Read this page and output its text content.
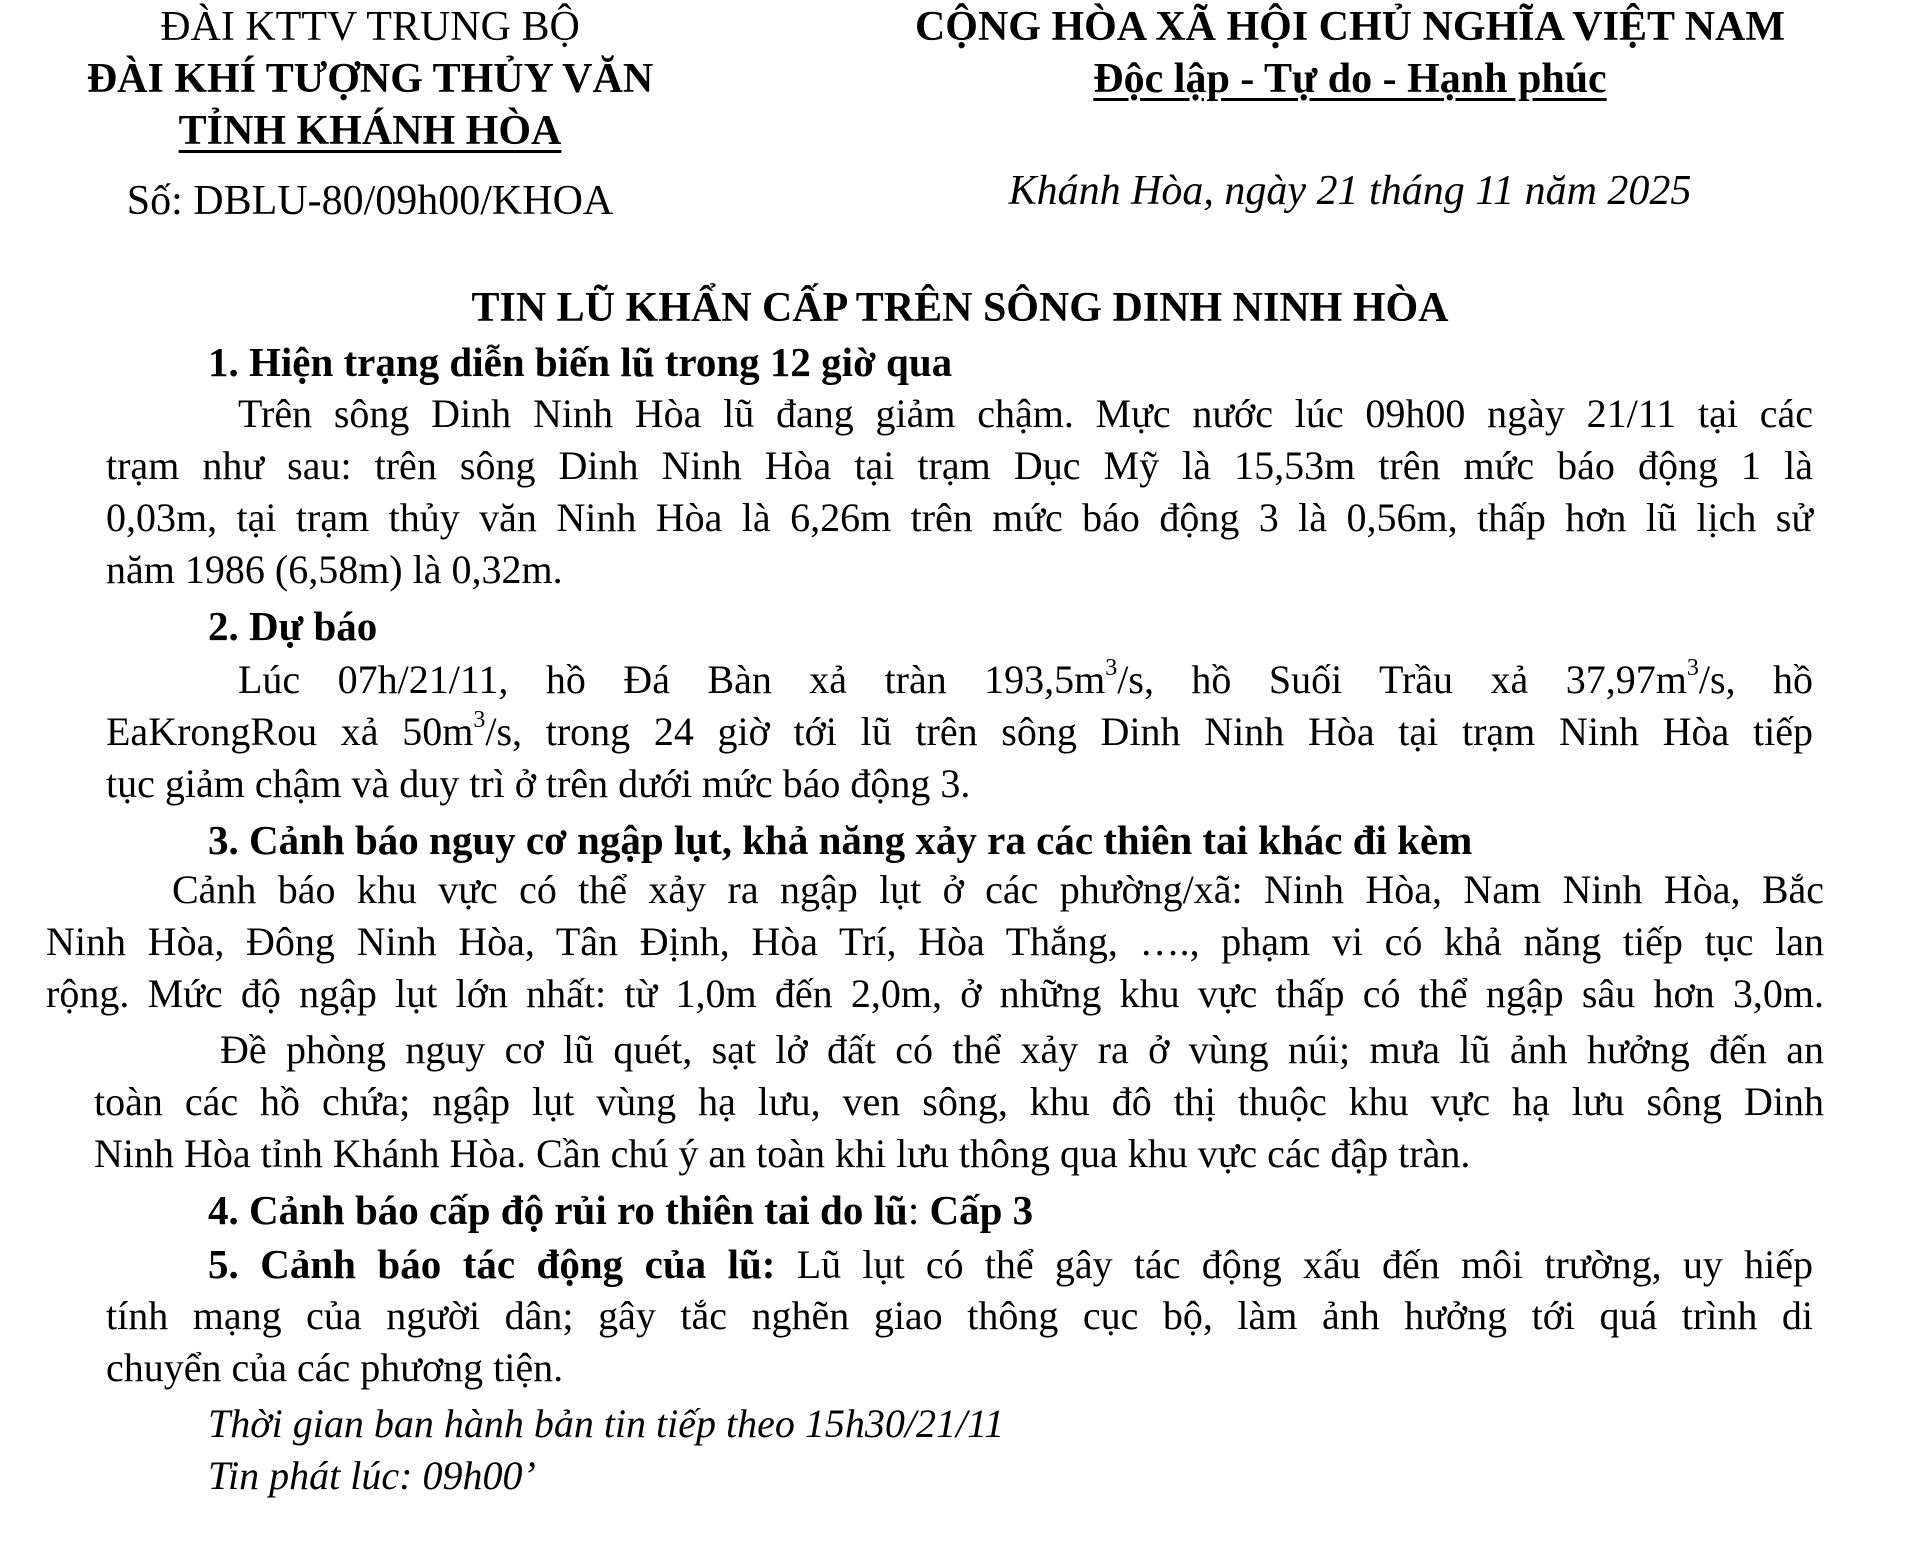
ĐÀI KTTV TRUNG BỘ
ĐÀI KHÍ TƯỢNG THỦY VĂN
TỈNH KHÁNH HÒA
Số: DBLU-80/09h00/KHOA
CỘNG HÒA XÃ HỘI CHỦ NGHĨA VIỆT NAM
Độc lập - Tự do - Hạnh phúc
Khánh Hòa, ngày 21 tháng 11 năm 2025
TIN LŨ KHẨN CẤP TRÊN SÔNG DINH NINH HÒA
1. Hiện trạng diễn biến lũ trong 12 giờ qua
Trên sông Dinh Ninh Hòa lũ đang giảm chậm. Mực nước lúc 09h00 ngày 21/11 tại các
trạm như sau: trên sông Dinh Ninh Hòa tại trạm Dục Mỹ là 15,53m trên mức báo động 1 là
0,03m, tại trạm thủy văn Ninh Hòa là 6,26m trên mức báo động 3 là 0,56m, thấp hơn lũ lịch sử
năm 1986 (6,58m) là 0,32m.
2. Dự báo
Lúc 07h/21/11, hồ Đá Bàn xả tràn $193,5m^3/s$, hồ Suối Trầu xả $37,97m^3/s$, hồ
EaKrongRou xả $50m^3/s$, trong 24 giờ tới lũ trên sông Dinh Ninh Hòa tại trạm Ninh Hòa tiếp
tục giảm chậm và duy trì ở trên dưới mức báo động 3.
3. Cảnh báo nguy cơ ngập lụt, khả năng xảy ra các thiên tai khác đi kèm
Cảnh báo khu vực có thể xảy ra ngập lụt ở các phường/xã: Ninh Hòa, Nam Ninh Hòa, Bắc
Ninh Hòa, Đông Ninh Hòa, Tân Định, Hòa Trí, Hòa Thắng, …., phạm vi có khả năng tiếp tục lan
rộng. Mức độ ngập lụt lớn nhất: từ 1,0m đến 2,0m, ở những khu vực thấp có thể ngập sâu hơn 3,0m.
Đề phòng nguy cơ lũ quét, sạt lở đất có thể xảy ra ở vùng núi; mưa lũ ảnh hưởng đến an
toàn các hồ chứa; ngập lụt vùng hạ lưu, ven sông, khu đô thị thuộc khu vực hạ lưu sông Dinh
Ninh Hòa tỉnh Khánh Hòa. Cần chú ý an toàn khi lưu thông qua khu vực các đập tràn.
4. Cảnh báo cấp độ rủi ro thiên tai do lũ: Cấp 3
5. Cảnh báo tác động của lũ: Lũ lụt có thể gây tác động xấu đến môi trường, uy hiếp
tính mạng của người dân; gây tắc nghẽn giao thông cục bộ, làm ảnh hưởng tới quá trình di
chuyển của các phương tiện.
Thời gian ban hành bản tin tiếp theo 15h30/21/11
Tin phát lúc: 09h00’
